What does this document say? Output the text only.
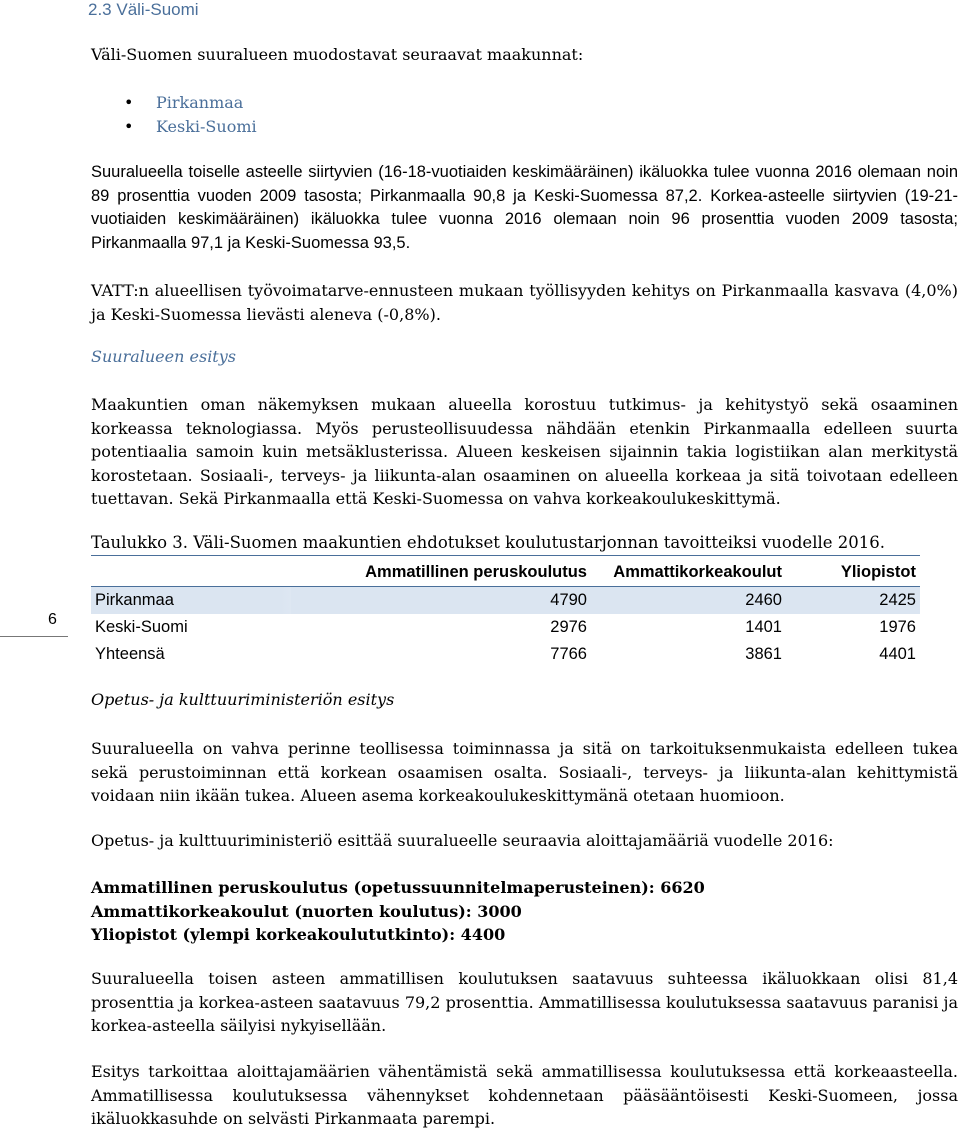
2.3 Väli-Suomi

Väli-Suomen suuralueen muodostavat seuraavat maakunnat:

• Pirkanmaa
• Keski-Suomi

Suuralueella toiselle asteelle siirtyvien (16-18-vuotiaiden keskimääräinen) ikäluokka tulee vuonna 2016 olemaan noin 89 prosenttia vuoden 2009 tasosta; Pirkanmaalla 90,8 ja Keski-Suomessa 87,2. Korkea-asteelle siirtyvien (19-21-vuotiaiden keskimääräinen) ikäluokka tulee vuonna 2016 olemaan noin 96 prosenttia vuoden 2009 tasosta; Pirkanmaalla 97,1 ja Keski-Suomessa 93,5.

VATT:n alueellisen työvoimatarve-ennusteen mukaan työllisyyden kehitys on Pirkanmaalla kasvava (4,0%) ja Keski-Suomessa lievästi aleneva (-0,8%).

Suuralueen esitys

Maakuntien oman näkemyksen mukaan alueella korostuu tutkimus- ja kehitystyö sekä osaaminen korkeassa teknologiassa. Myös perusteollisuudessa nähdään etenkin Pirkanmaalla edelleen suurta potentiaalia samoin kuin metsäklusterissa. Alueen keskeisen sijainnin takia logistiikan alan merkitystä korostetaan. Sosiaali-, terveys- ja liikunta-alan osaaminen on alueella korkeaa ja sitä toivotaan edelleen tuettavan. Sekä Pirkanmaalla että Keski-Suomessa on vahva korkeakoulukeskittymä.

Taulukko 3. Väli-Suomen maakuntien ehdotukset koulutustarjonnan tavoitteiksi vuodelle 2016.

	Ammatillinen peruskoulutus	Ammattikorkeakoulut	Yliopistot
Pirkanmaa	4790	2460	2425
Keski-Suomi	2976	1401	1976
Yhteensä	7766	3861	4401
6

Opetus- ja kulttuuriministeriön esitys

Suuralueella on vahva perinne teollisessa toiminnassa ja sitä on tarkoituksenmukaista edelleen tukea sekä perustoiminnan että korkean osaamisen osalta. Sosiaali-, terveys- ja liikunta-alan kehittymistä voidaan niin ikään tukea. Alueen asema korkeakoulukeskittymänä otetaan huomioon.

Opetus- ja kulttuuriministeriö esittää suuralueelle seuraavia aloittajamääriä vuodelle 2016:

Ammatillinen peruskoulutus (opetussuunnitelmaperusteinen): 6620
Ammattikorkeakoulut (nuorten koulutus): 3000
Yliopistot (ylempi korkeakoulututkinto): 4400

Suuralueella toisen asteen ammatillisen koulutuksen saatavuus suhteessa ikäluokkaan olisi 81,4 prosenttia ja korkea-asteen saatavuus 79,2 prosenttia. Ammatillisessa koulutuksessa saatavuus paranisi ja korkea-asteella säilyisi nykyisellään.

Esitys tarkoittaa aloittajamäärien vähentämistä sekä ammatillisessa koulutuksessa että korkeaasteella. Ammatillisessa koulutuksessa vähennykset kohdennetaan pääsääntöisesti Keski-Suomeen, jossa ikäluokkasuhde on selvästi Pirkanmaata parempi.
